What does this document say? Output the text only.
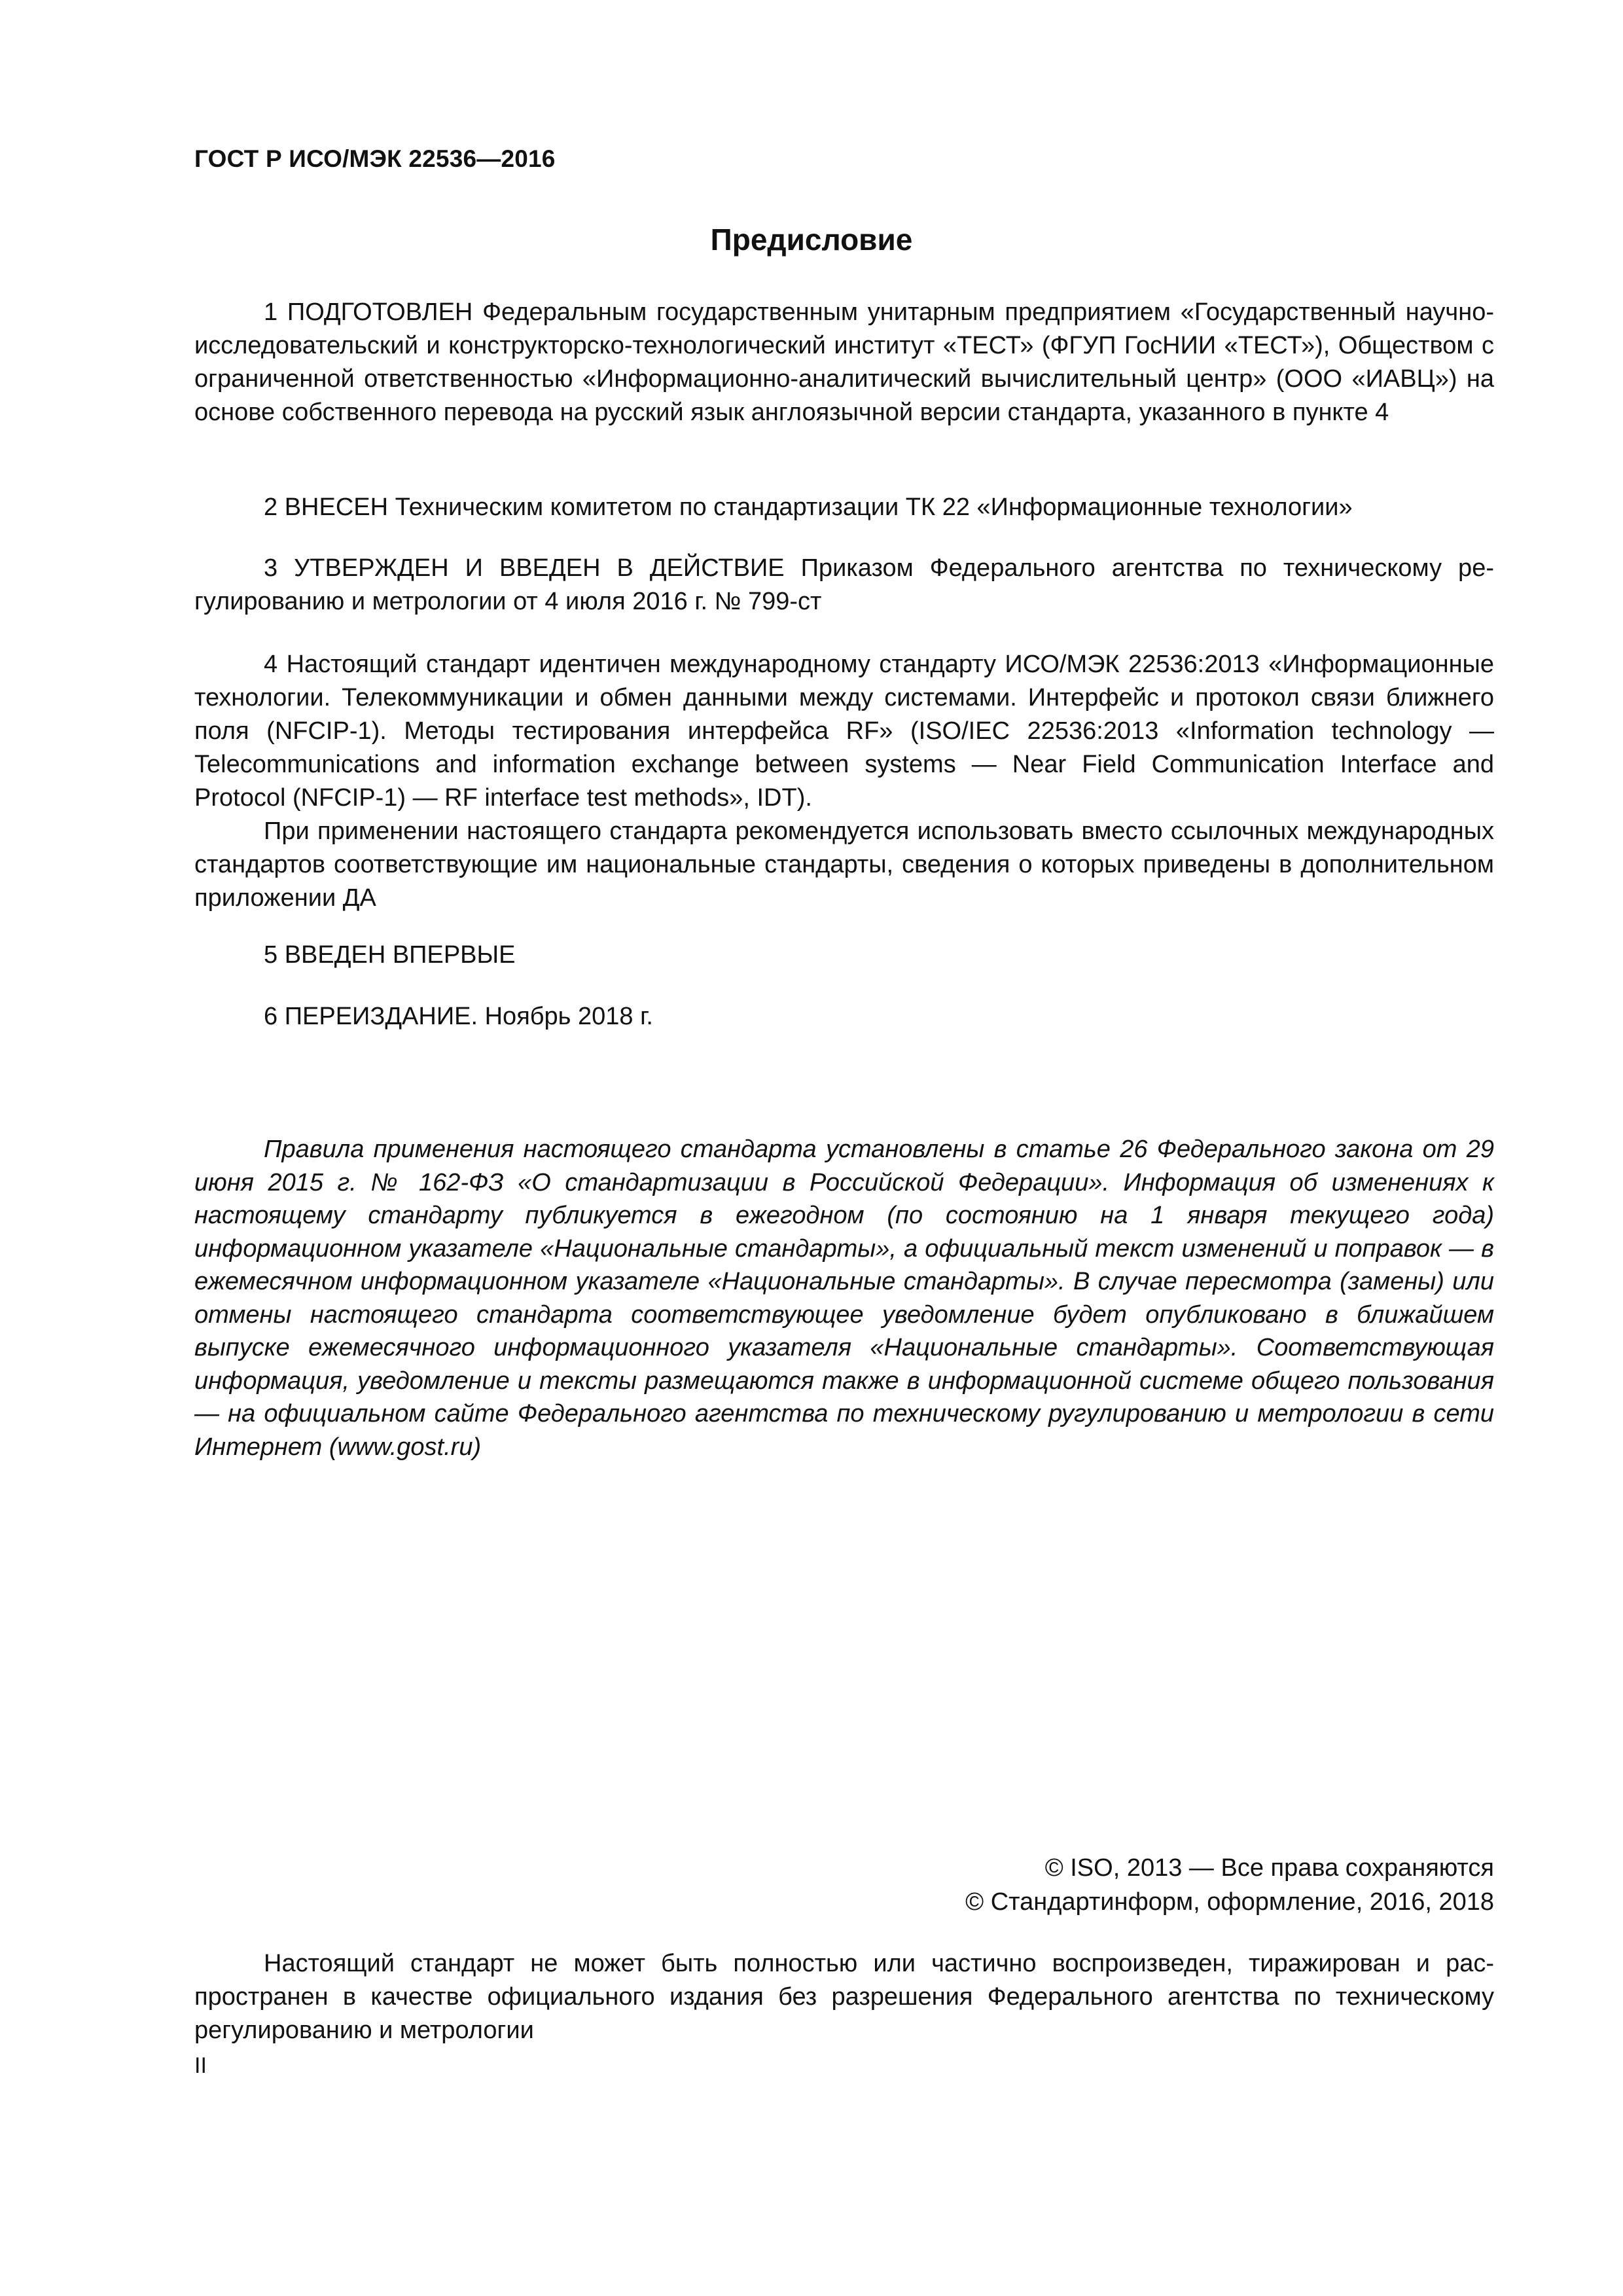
ГОСТ Р ИСО/МЭК 22536—2016
Предисловие

1 ПОДГОТОВЛЕН Федеральным государственным унитарным предприятием «Государственный научно-исследовательский и конструкторско-технологический институт «ТЕСТ» (ФГУП ГосНИИ «ТЕСТ»), Обществом с ограниченной ответственностью «Информационно-аналитический вычислительный центр» (ООО «ИАВЦ») на основе собственного перевода на русский язык англоязычной версии стандарта, указанного в пункте 4

2 ВНЕСЕН Техническим комитетом по стандартизации ТК 22 «Информационные технологии»

3 УТВЕРЖДЕН И ВВЕДЕН В ДЕЙСТВИЕ Приказом Федерального агентства по техническому регулированию и метрологии от 4 июля 2016 г. № 799-ст

4 Настоящий стандарт идентичен международному стандарту ИСО/МЭК 22536:2013 «Информационные технологии. Телекоммуникации и обмен данными между системами. Интерфейс и протокол связи ближнего поля (NFCIP-1). Методы тестирования интерфейса RF» (ISO/IEC 22536:2013 «Information technology — Telecommunications and information exchange between systems — Near Field Communication Interface and Protocol (NFCIP-1) — RF interface test methods», IDT).

При применении настоящего стандарта рекомендуется использовать вместо ссылочных международных стандартов соответствующие им национальные стандарты, сведения о которых приведены в дополнительном приложении ДА

5 ВВЕДЕН ВПЕРВЫЕ

6 ПЕРЕИЗДАНИЕ. Ноябрь 2018 г.

Правила применения настоящего стандарта установлены в статье 26 Федерального закона от 29 июня 2015 г. № 162-ФЗ «О стандартизации в Российской Федерации». Информация об изменениях к настоящему стандарту публикуется в ежегодном (по состоянию на 1 января текущего года) информационном указателе «Национальные стандарты», а официальный текст изменений и поправок — в ежемесячном информационном указателе «Национальные стандарты». В случае пересмотра (замены) или отмены настоящего стандарта соответствующее уведомление будет опубликовано в ближайшем выпуске ежемесячного информационного указателя «Национальные стандарты». Соответствующая информация, уведомление и тексты размещаются также в информационной системе общего пользования — на официальном сайте Федерального агентства по техническому ругулированию и метрологии в сети Интернет (www.gost.ru)

© ISO, 2013 — Все права сохраняются
© Стандартинформ, оформление, 2016, 2018

Настоящий стандарт не может быть полностью или частично воспроизведен, тиражирован и распространен в качестве официального издания без разрешения Федерального агентства по техническому регулированию и метрологии

II
